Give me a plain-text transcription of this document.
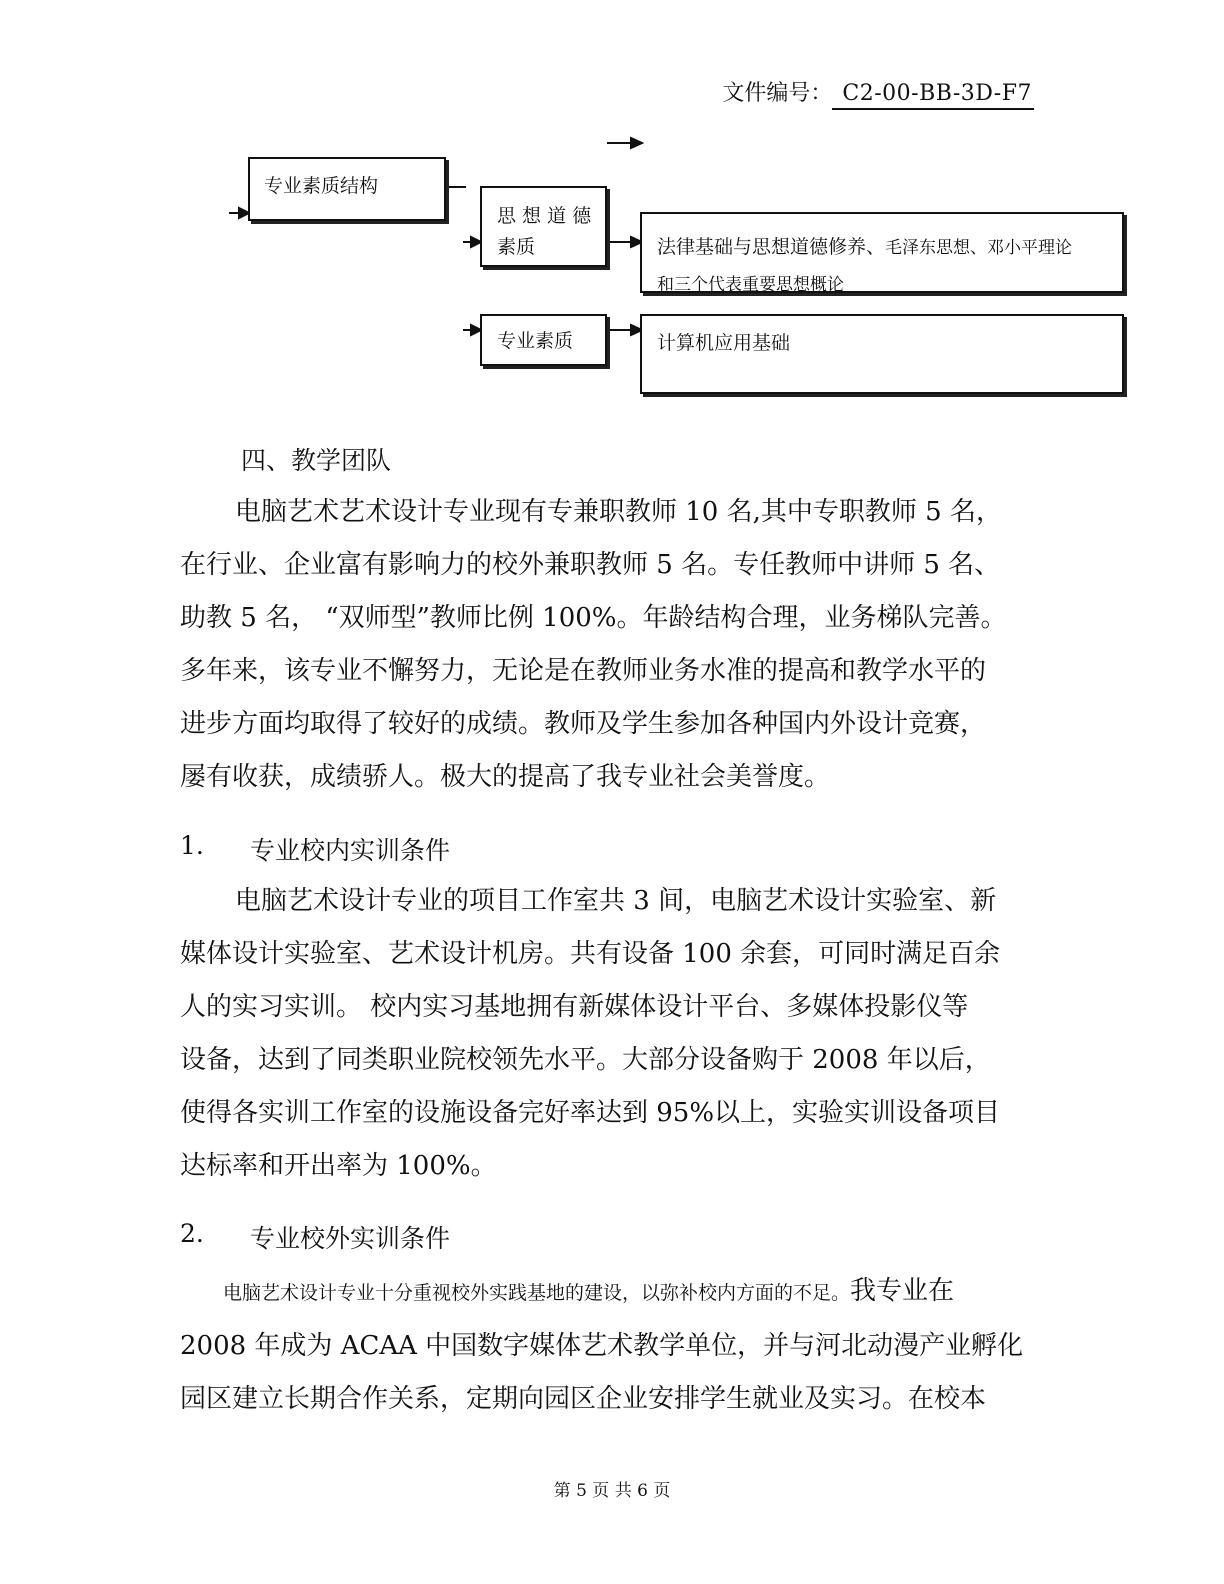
文件编号： C2-00-BB-3D-F7
专业素质结构
思 想 道 德
素质	法律基础与思想道德修养、毛泽东思想、邓小平理论
和三个代表重要思想概论
专业素质	计算机应用基础
四、教学团队
电脑艺术艺术设计专业现有专兼职教师 10 名,其中专职教师 5 名，
在行业、企业富有影响力的校外兼职教师 5 名。专任教师中讲师 5 名、
助教 5 名， “双师型”教师比例 100%。年龄结构合理，业务梯队完善。
多年来，该专业不懈努力，无论是在教师业务水准的提高和教学水平的
进步方面均取得了较好的成绩。教师及学生参加各种国内外设计竞赛，
屡有收获，成绩骄人。极大的提高了我专业社会美誉度。
1. 专业校内实训条件
电脑艺术设计专业的项目工作室共 3 间，电脑艺术设计实验室、新
媒体设计实验室、艺术设计机房。共有设备 100 余套，可同时满足百余
人的实习实训。 校内实习基地拥有新媒体设计平台、多媒体投影仪等
设备，达到了同类职业院校领先水平。大部分设备购于 2008 年以后，
使得各实训工作室的设施设备完好率达到 95%以上，实验实训设备项目
达标率和开出率为 100%。
2. 专业校外实训条件
电脑艺术设计专业十分重视校外实践基地的建设，以弥补校内方面的不足。我专业在
2008 年成为 ACAA 中国数字媒体艺术教学单位，并与河北动漫产业孵化
园区建立长期合作关系，定期向园区企业安排学生就业及实习。在校本
第 5 页 共 6 页
